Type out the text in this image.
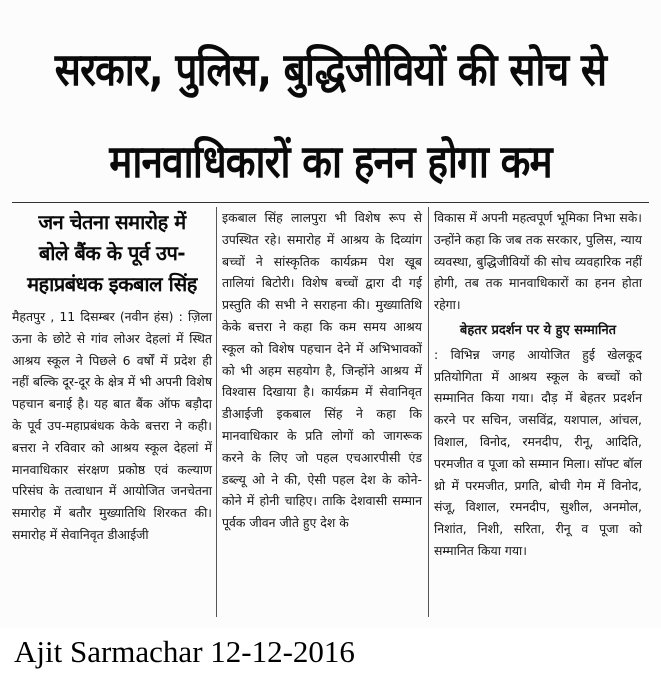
सरकार, पुलिस, बुद्धिजीवियों की सोच से
मानवाधिकारों का हनन होगा कम
जन चेतना समारोह में
बोले बैंक के पूर्व उप-
महाप्रबंधक इकबाल सिंह
मैहतपुर , 11 दिसम्बर (नवीन हंस) : ज़िला ऊना के छोटे से गांव लोअर देहलां में स्थित आश्रय स्कूल ने पिछले 6 वर्षों में प्रदेश ही नहीं बल्कि दूर-दूर के क्षेत्र में भी अपनी विशेष पहचान बनाई है। यह बात बैंक ऑफ बड़ौदा के पूर्व उप-महाप्रबंधक केके बत्तरा ने कही। बत्तरा ने रविवार को आश्रय स्कूल देहलां में मानवाधिकार संरक्षण प्रकोष्ठ एवं कल्याण परिसंघ के तत्वाधान में आयोजित जनचेतना समारोह में बतौर मुख्यातिथि शिरकत की। समारोह में सेवानिवृत डीआईजी
इकबाल सिंह लालपुरा भी विशेष रूप से उपस्थित रहे। समारोह में आश्रय के दिव्यांग बच्चों ने सांस्कृतिक कार्यक्रम पेश खूब तालियां बिटोरी। विशेष बच्चों द्वारा दी गई प्रस्तुति की सभी ने सराहना की। मुख्यातिथि केके बत्तरा ने कहा कि कम समय आश्रय स्कूल को विशेष पहचान देने में अभिभावकों को भी अहम सहयोग है, जिन्होंने आश्रय में विश्वास दिखाया है। कार्यक्रम में सेवानिवृत डीआईजी इकबाल सिंह ने कहा कि मानवाधिकार के प्रति लोगों को जागरूक करने के लिए जो पहल एचआरपीसी एंड डब्ल्यू ओ ने की, ऐसी पहल देश के कोने-कोने में होनी चाहिए। ताकि देशवासी सम्मान पूर्वक जीवन जीते हुए देश के
विकास में अपनी महत्वपूर्ण भूमिका निभा सके। उन्होंने कहा कि जब तक सरकार, पुलिस, न्याय व्यवस्था, बुद्धिजीवियों की सोच व्यवहारिक नहीं होगी, तब तक मानवाधिकारों का हनन होता रहेगा।
बेहतर प्रदर्शन पर ये हुए सम्मानित
: विभिन्न जगह आयोजित हुई खेलकूद प्रतियोगिता में आश्रय स्कूल के बच्चों को सम्मानित किया गया। दौड़ में बेहतर प्रदर्शन करने पर सचिन, जसविंद्र, यशपाल, आंचल, विशाल, विनोद, रमनदीप, रीनू, आदिति, परमजीत व पूजा को सम्मान मिला। सॉफ्ट बॉल थ्रो में परमजीत, प्रगति, बोची गेम में विनोद, संजू, विशाल, रमनदीप, सुशील, अनमोल, निशांत, निशी, सरिता, रीनू व पूजा को सम्मानित किया गया।
Ajit Sarmachar 12-12-2016
